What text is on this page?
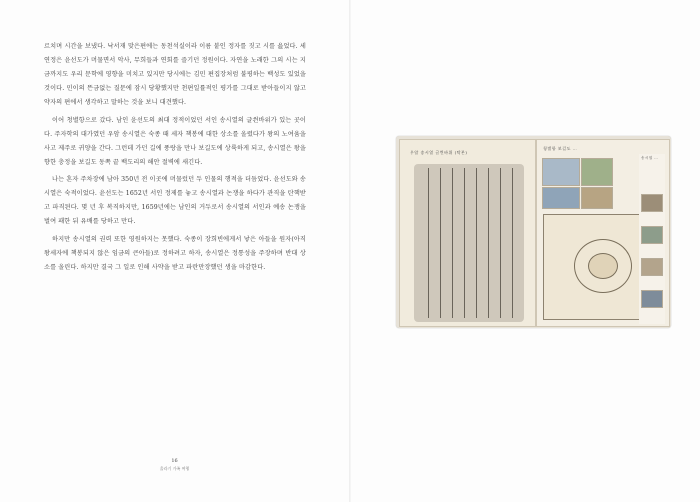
르치며 시간을 보냈다. 낙서재 맞은편에는 동천석실이라 이름 붙인 정자를 짓고 시를 읊었다. 세연정은 윤선도가 머물면서 악사, 무희들과 연회를 즐기던 정원이다. 자연을 노래한 그의 시는 지금까지도 우리 문학에 영향을 미치고 있지만 당시에는 김민 편집장처럼 불평하는 백성도 있었을 것이다. 민이의 뜬금없는 질문에 잠시 당황했지만 천편일률적인 평가를 그대로 받아들이지 않고 약자의 편에서 생각하고 말하는 것을 보니 대견했다.

이어 청별항으로 갔다. 남인 윤선도의 최대 정적이었던 서인 송시열의 글씐바위가 있는 곳이다. 주자학의 대가였던 우암 송시열은 숙종 때 세자 책봉에 대한 상소를 올렸다가 왕의 노여움을 사고 제주로 귀양을 간다. 그런데 가던 길에 풍랑을 만나 보길도에 상륙하게 되고, 송시열은 왕을 향한 충정을 보길도 동쪽 끝 백도리의 해안 절벽에 새긴다.

나는 혼자 주차장에 남아 350년 전 이곳에 머물렀던 두 인물의 행적을 더듬었다. 윤선도와 송시열은 숙적이었다. 윤선도는 1652년 서인 정제를 놓고 송시열과 논쟁을 하다가 관직을 탄핵받고 파직된다. 몇 년 후 복직하지만, 1659년에는 남인의 거두로서 송시열의 서인과 예송 논쟁을 벌여 패한 뒤 유배를 당하고 만다.

하지만 송시열의 권력 또한 영원하지는 못했다. 숙종이 장희빈에게서 낳은 아들을 원자(아직 왕세자에 책봉되지 않은 임금의 큰아들)로 정하려고 하자, 송시열은 정통성을 주장하며 반대 상소를 올린다. 하지만 결국 그 일로 인해 사약을 받고 파란만장했던 생을 마감한다.

16
울라기 가족 여행
우암 송시열 글씐바위 (탁본)
청별항 보길도 …
송시열 …
